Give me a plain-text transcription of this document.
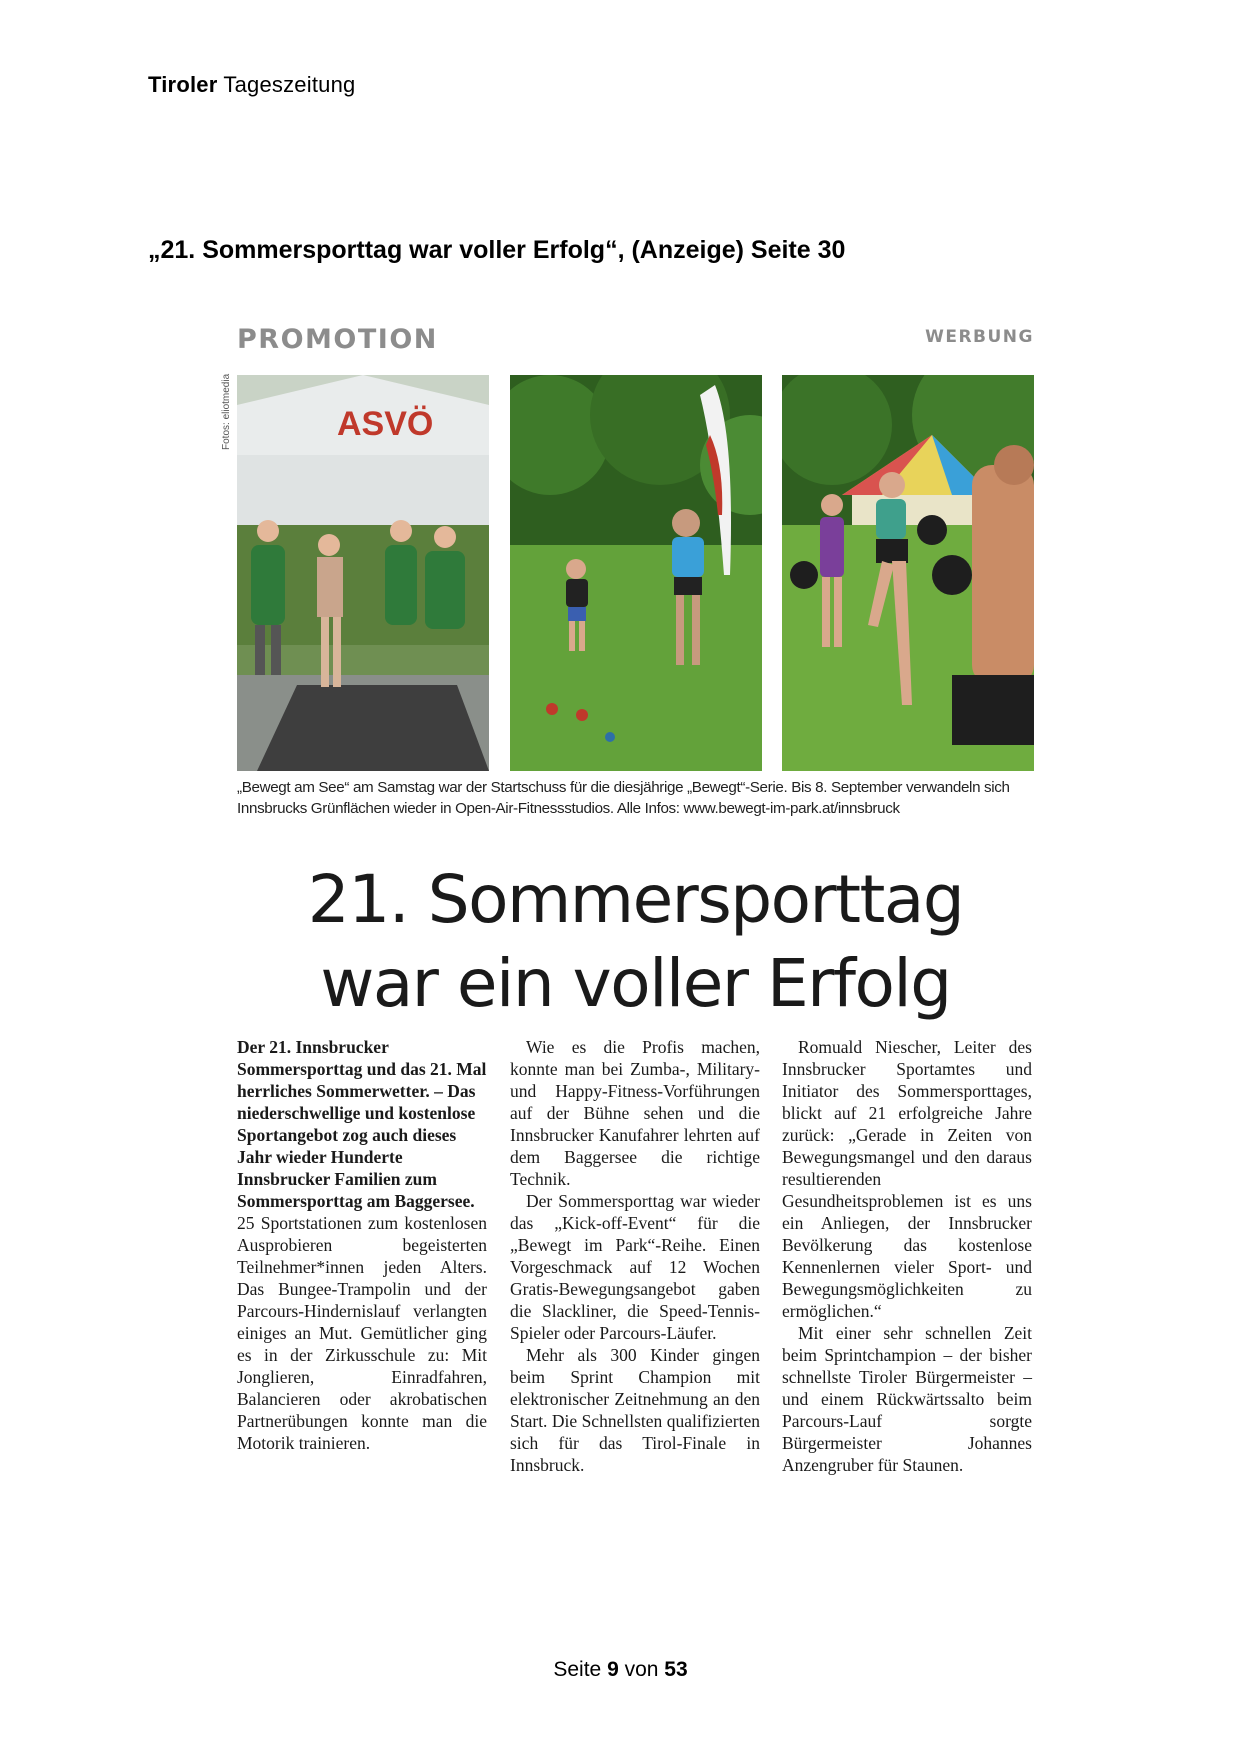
Tiroler Tageszeitung
„21. Sommersporttag war voller Erfolg“, (Anzeige) Seite 30
PROMOTION	WERBUNG
Fotos: eliotmedia	ASVÖ
„Bewegt am See“ am Samstag war der Startschuss für die diesjährige „Bewegt“-Serie. Bis 8. September verwandeln sich Innsbrucks Grünflächen wieder in Open-Air-Fitnessstudios. Alle Infos: www.bewegt-im-park.at/innsbruck
21. Sommersporttag
war ein voller Erfolg

Der 21. Innsbrucker Sommersporttag und das 21. Mal herrliches Sommerwetter. – Das niederschwellige und kostenlose Sportangebot zog auch dieses Jahr wieder Hunderte Innsbrucker Familien zum Sommersporttag am Baggersee.

25 Sportstationen zum kostenlosen Ausprobieren begeisterten Teilnehmer*innen jeden Alters. Das Bungee-Trampolin und der Parcours-Hindernislauf verlangten einiges an Mut. Gemütlicher ging es in der Zirkusschule zu: Mit Jonglieren, Einradfahren, Balancieren oder akrobatischen Partnerübungen konnte man die Motorik trainieren.

Wie es die Profis machen, konnte man bei Zumba-, Military- und Happy-Fitness-Vorführungen auf der Bühne sehen und die Innsbrucker Kanufahrer lehrten auf dem Baggersee die richtige Technik.

Der Sommersporttag war wieder das „Kick-off-Event“ für die „Bewegt im Park“-Reihe. Einen Vorgeschmack auf 12 Wochen Gratis-Bewegungsangebot gaben die Slackliner, die Speed-Tennis-Spieler oder Parcours-Läufer.

Mehr als 300 Kinder gingen beim Sprint Champion mit elektronischer Zeitnehmung an den Start. Die Schnellsten qualifizierten sich für das Tirol-Finale in Innsbruck.

Romuald Niescher, Leiter des Innsbrucker Sportamtes und Initiator des Sommersporttages, blickt auf 21 erfolgreiche Jahre zurück: „Gerade in Zeiten von Bewegungsmangel und den daraus resultierenden Gesundheitsproblemen ist es uns ein Anliegen, der Innsbrucker Bevölkerung das kostenlose Kennenlernen vieler Sport- und Bewegungsmöglichkeiten zu ermöglichen.“

Mit einer sehr schnellen Zeit beim Sprintchampion – der bisher schnellste Tiroler Bürgermeister – und einem Rückwärtssalto beim Parcours-Lauf sorgte Bürgermeister Johannes Anzengruber für Staunen.

Seite 9 von 53
